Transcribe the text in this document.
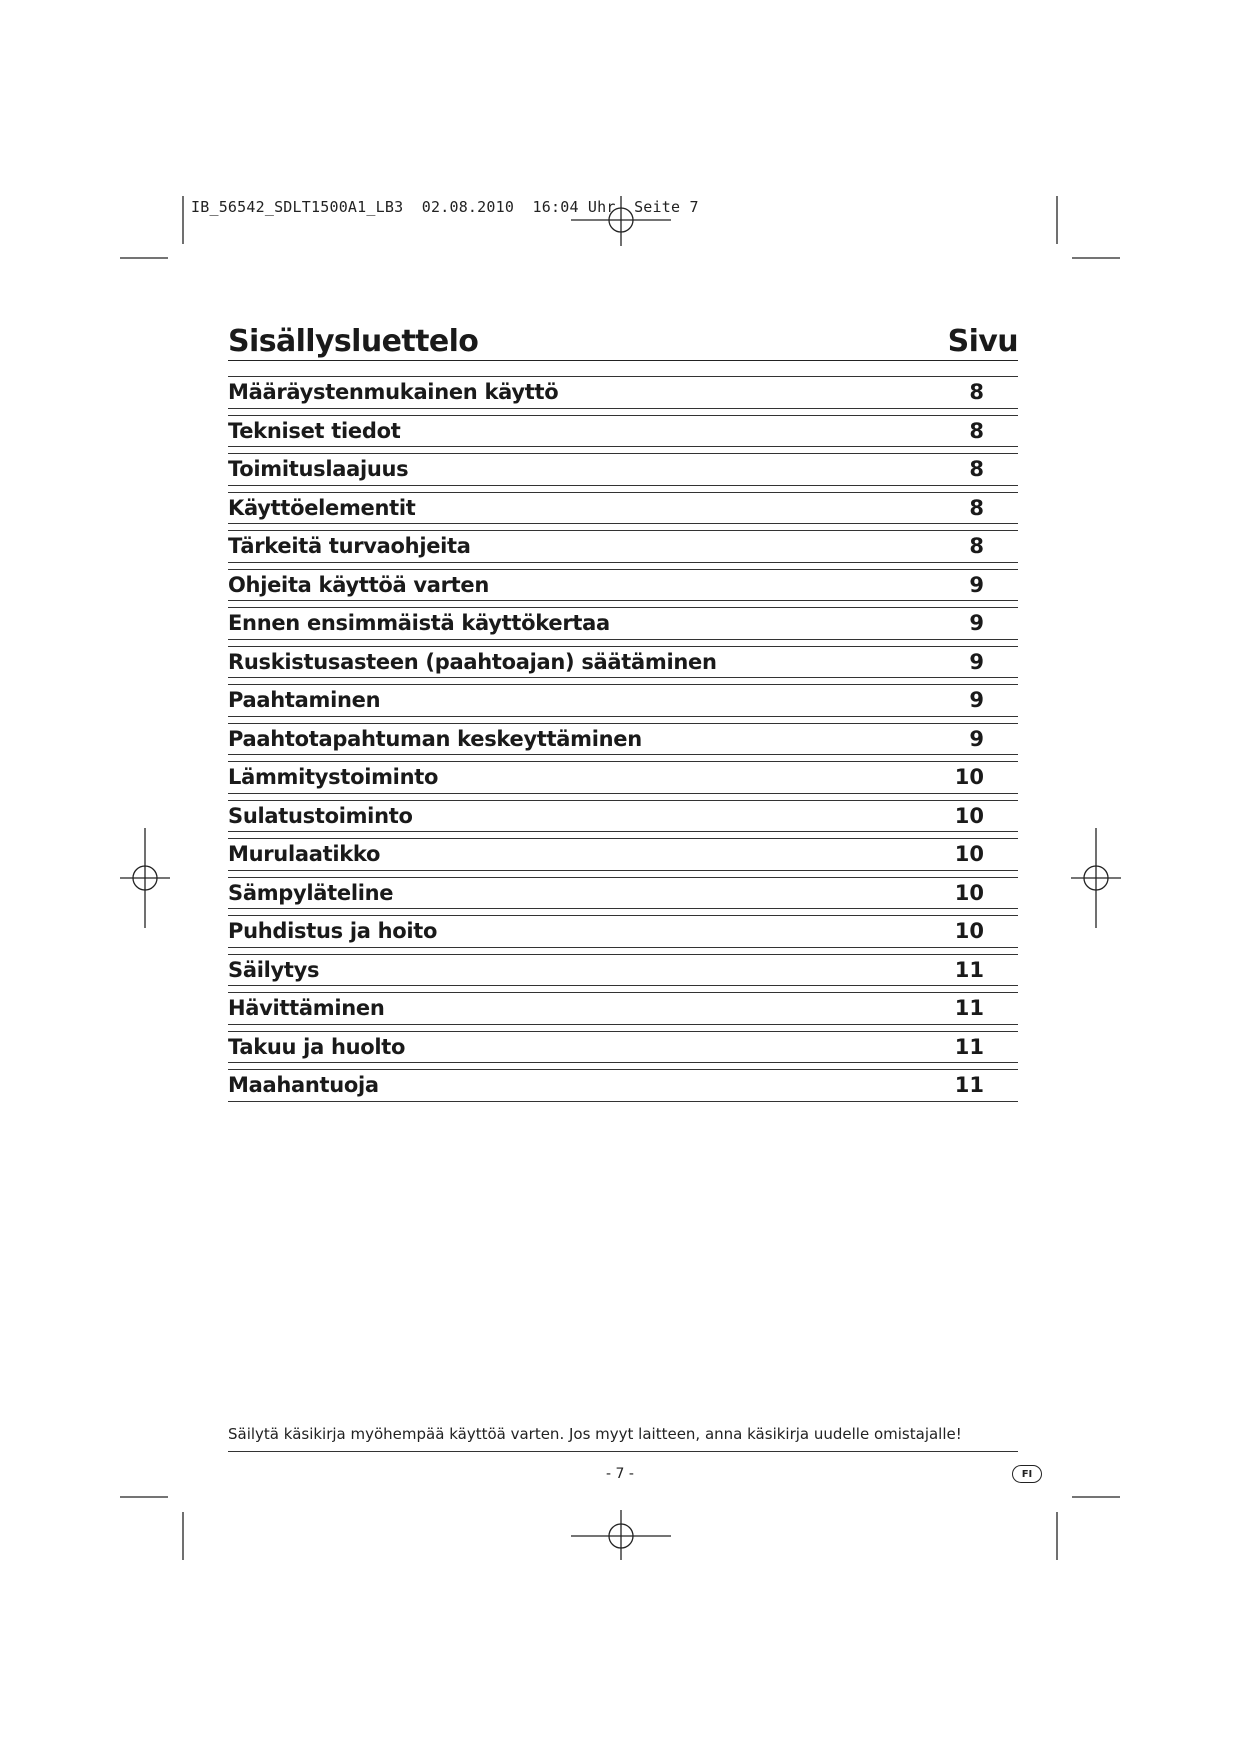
IB_56542_SDLT1500A1_LB3  02.08.2010  16:04 Uhr  Seite 7
Sisällysluettelo	Sivu
Määräystenmukainen käyttö	8
Tekniset tiedot	8
Toimituslaajuus	8
Käyttöelementit	8
Tärkeitä turvaohjeita	8
Ohjeita käyttöä varten	9
Ennen ensimmäistä käyttökertaa	9
Ruskistusasteen (paahtoajan) säätäminen	9
Paahtaminen	9
Paahtotapahtuman keskeyttäminen	9
Lämmitystoiminto	10
Sulatustoiminto	10
Murulaatikko	10
Sämpyläteline	10
Puhdistus ja hoito	10
Säilytys	11
Hävittäminen	11
Takuu ja huolto	11
Maahantuoja	11
Säilytä käsikirja myöhempää käyttöä varten. Jos myyt laitteen, anna käsikirja uudelle omistajalle!
- 7 -	FI
